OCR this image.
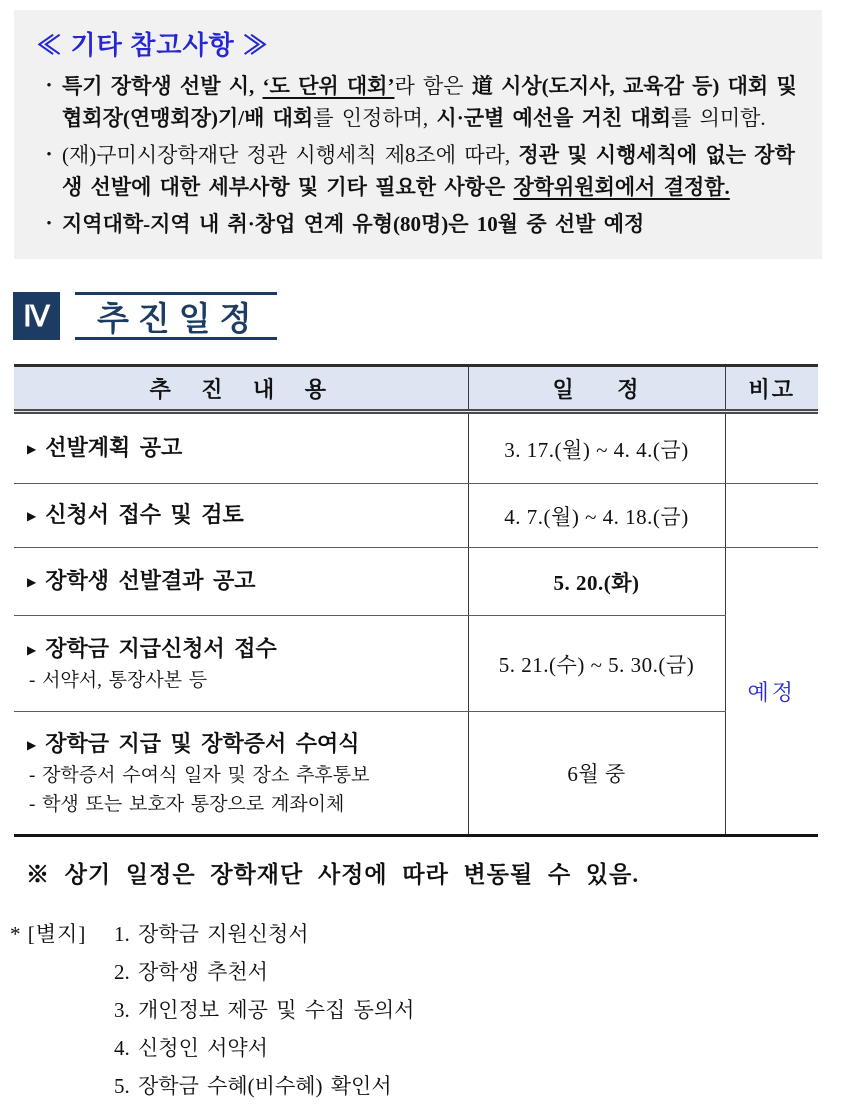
≪ 기타 참고사항 ≫
• 특기 장학생 선발 시, ‘도 단위 대회’라 함은 道 시상(도지사, 교육감 등) 대회 및 협회장(연맹회장)기/배 대회를 인정하며, 시·군별 예선을 거친 대회를 의미함.
• (재)구미시장학재단 정관 시행세칙 제8조에 따라, 정관 및 시행세칙에 없는 장학생 선발에 대한 세부사항 및 기타 필요한 사항은 장학위원회에서 결정함.
• 지역대학-지역 내 취·창업 연계 유형(80명)은 10월 중 선발 예정
Ⅳ	추진일정
추 진 내 용	일 정	비고

▶ 선발계획 공고	3. 17.(월) ~ 4. 4.(금)	

▶ 신청서 접수 및 검토	4. 7.(월) ~ 4. 18.(금)	

▶ 장학생 선발결과 공고	5. 20.(화)	예정

▶ 장학금 지급신청서 접수
- 서약서, 통장사본 등	5. 21.(수) ~ 5. 30.(금)	

▶ 장학금 지급 및 장학증서 수여식
- 장학증서 수여식 일자 및 장소 추후통보
- 학생 또는 보호자 통장으로 계좌이체	6월 중	
※ 상기 일정은 장학재단 사정에 따라 변동될 수 있음.
* [별지]	1. 장학금 지원신청서
2. 장학생 추천서
3. 개인정보 제공 및 수집 동의서
4. 신청인 서약서
5. 장학금 수혜(비수혜) 확인서
